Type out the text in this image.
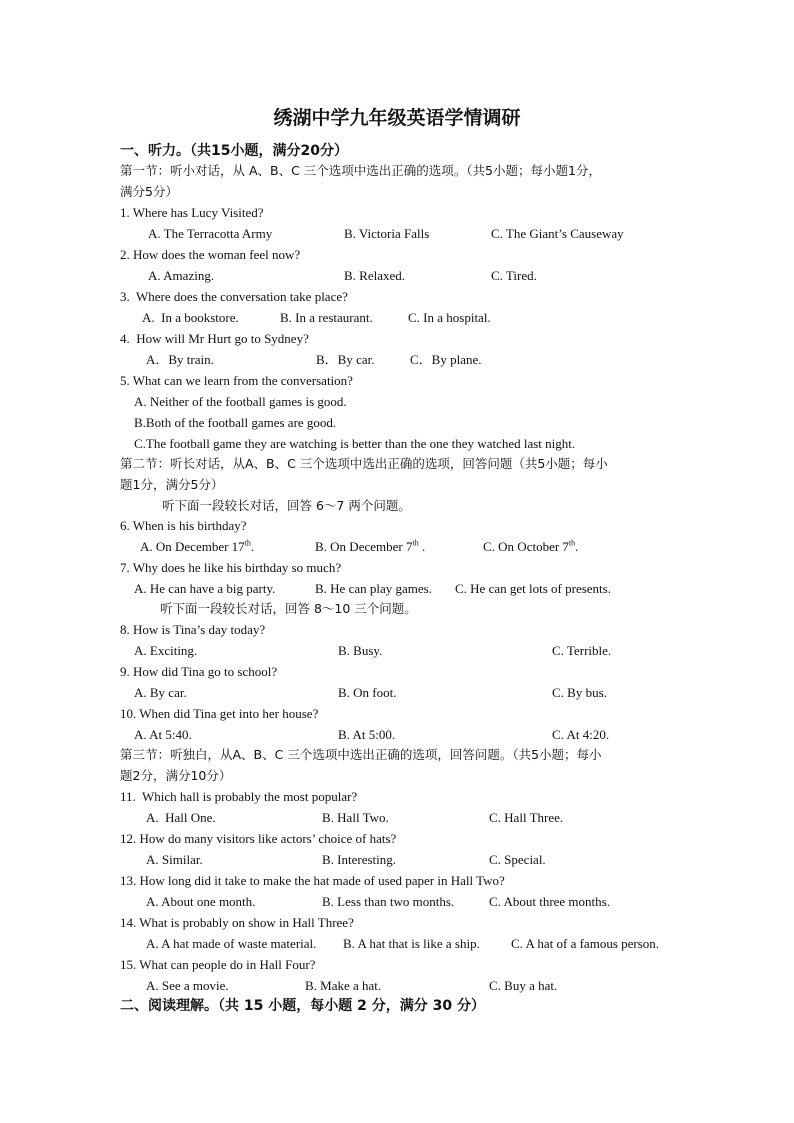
绣湖中学九年级英语学情调研
一、听力。（共15小题，满分20分）
第一节：听小对话，从 A、B、C 三个选项中选出正确的选项。（共5小题；每小题1分，
满分5分）
1. Where has Lucy Visited?
A. The Terracotta Army	B. Victoria Falls	C. The Giant’s Causeway
2. How does the woman feel now?
A. Amazing.	B. Relaxed.	C. Tired.
3.  Where does the conversation take place?
A.  In a bookstore.	B. In a restaurant.	C. In a hospital.
4.  How will Mr Hurt go to Sydney?
A．By train.	B．By car.	C．By plane.
5. What can we learn from the conversation?
A. Neither of the football games is good.
B.Both of the football games are good.
C.The football game they are watching is better than the one they watched last night.
第二节：听长对话，从A、B、C 三个选项中选出正确的选项，回答问题（共5小题；每小
题1分，满分5分）
听下面一段较长对话，回答 6～7 两个问题。
6. When is his birthday?
A. On December 17th.	B. On December 7th .	C. On October 7th.
7. Why does he like his birthday so much?
A. He can have a big party.	B. He can play games. C. He can get lots of presents.
听下面一段较长对话，回答 8～10 三个问题。
8. How is Tina’s day today?
A. Exciting.	B. Busy.	C. Terrible.
9. How did Tina go to school?
A. By car.	B. On foot.	C. By bus.
10. When did Tina get into her house?
A. At 5:40.	B. At 5:00.	C. At 4:20.
第三节：听独白，从A、B、C 三个选项中选出正确的选项，回答问题。（共5小题；每小
题2分，满分10分）
11.  Which hall is probably the most popular?
A.  Hall One.	B. Hall Two.	C. Hall Three.
12. How do many visitors like actors’ choice of hats?
A. Similar.	B. Interesting.	C. Special.
13. How long did it take to make the hat made of used paper in Hall Two?
A. About one month.	B. Less than two months.	C. About three months.
14. What is probably on show in Hall Three?
A. A hat made of waste material. B. A hat that is like a ship. C. A hat of a famous person.
15. What can people do in Hall Four?
A. See a movie.	B. Make a hat.	C. Buy a hat.
二、阅读理解。（共 15 小题，每小题 2 分，满分 30 分）
